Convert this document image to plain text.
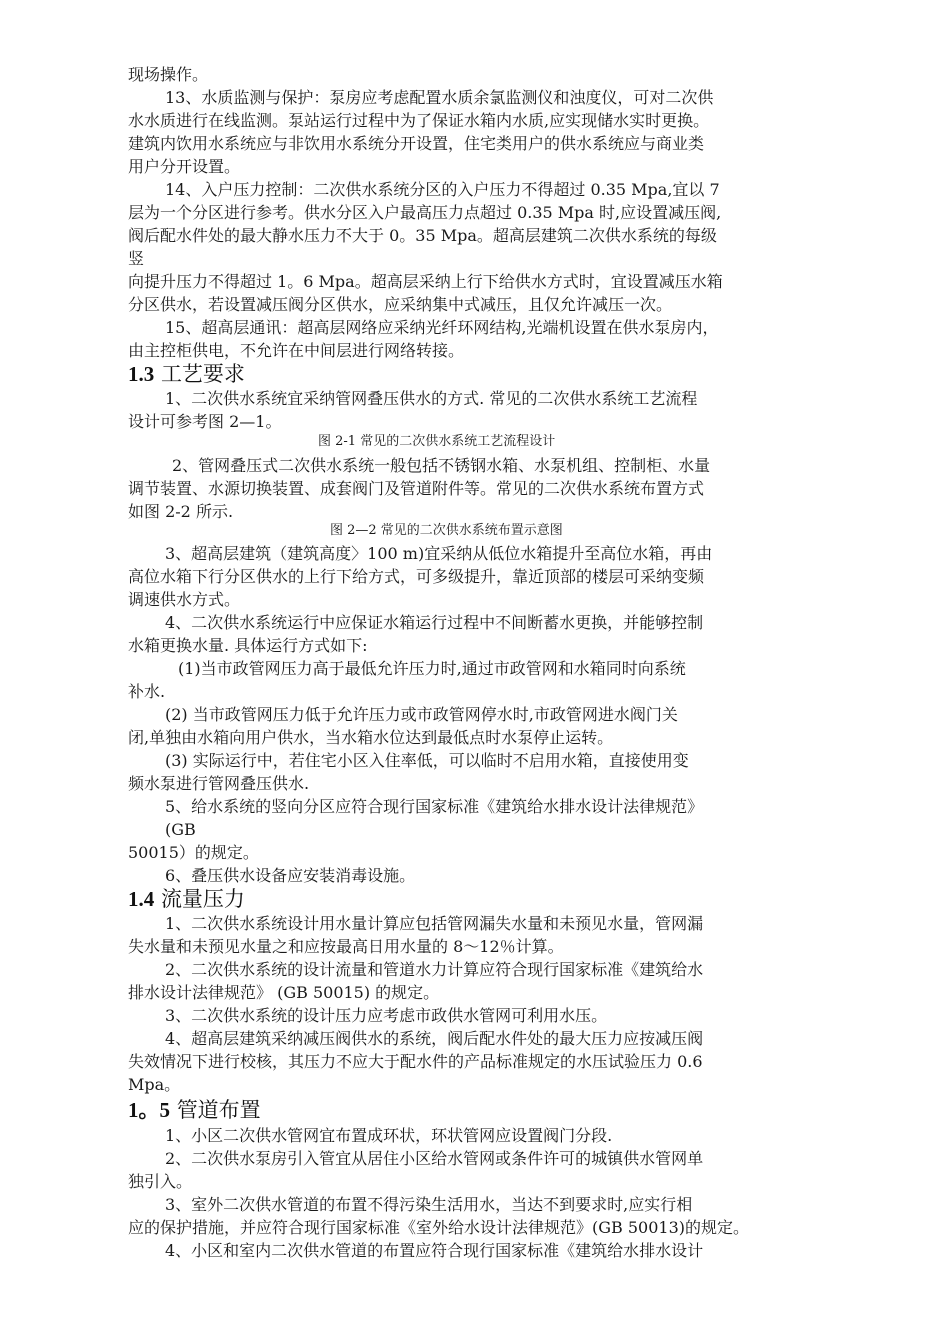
现场操作。
13、水质监测与保护：泵房应考虑配置水质余氯监测仪和浊度仪，可对二次供
水水质进行在线监测。泵站运行过程中为了保证水箱内水质,应实现储水实时更换。
建筑内饮用水系统应与非饮用水系统分开设置，住宅类用户的供水系统应与商业类
用户分开设置。
14、入户压力控制：二次供水系统分区的入户压力不得超过 0.35 Mpa,宜以 7
层为一个分区进行参考。供水分区入户最高压力点超过 0.35 Mpa 时,应设置减压阀,
阀后配水件处的最大静水压力不大于 0。35 Mpa。超高层建筑二次供水系统的每级
竖
向提升压力不得超过 1。6 Mpa。超高层采纳上行下给供水方式时，宜设置减压水箱
分区供水，若设置减压阀分区供水，应采纳集中式减压，且仅允许减压一次。
15、超高层通讯：超高层网络应采纳光纤环网结构,光端机设置在供水泵房内，
由主控柜供电，不允许在中间层进行网络转接。
1.3 工艺要求
1、二次供水系统宜采纳管网叠压供水的方式. 常见的二次供水系统工艺流程
设计可参考图 2—1。
图 2-1 常见的二次供水系统工艺流程设计
2、管网叠压式二次供水系统一般包括不锈钢水箱、水泵机组、控制柜、水量
调节装置、水源切换装置、成套阀门及管道附件等。常见的二次供水系统布置方式
如图 2-2 所示.
图 2—2 常见的二次供水系统布置示意图
3、超高层建筑（建筑高度〉100 m)宜采纳从低位水箱提升至高位水箱，再由
高位水箱下行分区供水的上行下给方式，可多级提升，靠近顶部的楼层可采纳变频
调速供水方式。
4、二次供水系统运行中应保证水箱运行过程中不间断蓄水更换，并能够控制
水箱更换水量. 具体运行方式如下:
(1)当市政管网压力高于最低允许压力时,通过市政管网和水箱同时向系统
补水.
(2) 当市政管网压力低于允许压力或市政管网停水时,市政管网进水阀门关
闭,单独由水箱向用户供水，当水箱水位达到最低点时水泵停止运转。
(3) 实际运行中，若住宅小区入住率低，可以临时不启用水箱，直接使用变
频水泵进行管网叠压供水.
5、给水系统的竖向分区应符合现行国家标准《建筑给水排水设计法律规范》
(GB
50015）的规定。
6、叠压供水设备应安装消毒设施。
1.4 流量压力
1、二次供水系统设计用水量计算应包括管网漏失水量和未预见水量，管网漏
失水量和未预见水量之和应按最高日用水量的 8～12％计算。
2、二次供水系统的设计流量和管道水力计算应符合现行国家标准《建筑给水
排水设计法律规范》 (GB 50015) 的规定。
3、二次供水系统的设计压力应考虑市政供水管网可利用水压。
4、超高层建筑采纳减压阀供水的系统，阀后配水件处的最大压力应按减压阀
失效情况下进行校核，其压力不应大于配水件的产品标准规定的水压试验压力 0.6
Mpa。
1。5 管道布置
1、小区二次供水管网宜布置成环状，环状管网应设置阀门分段.
2、二次供水泵房引入管宜从居住小区给水管网或条件许可的城镇供水管网单
独引入。
3、室外二次供水管道的布置不得污染生活用水，当达不到要求时,应实行相
应的保护措施，并应符合现行国家标准《室外给水设计法律规范》(GB 50013)的规定。
4、小区和室内二次供水管道的布置应符合现行国家标准《建筑给水排水设计
